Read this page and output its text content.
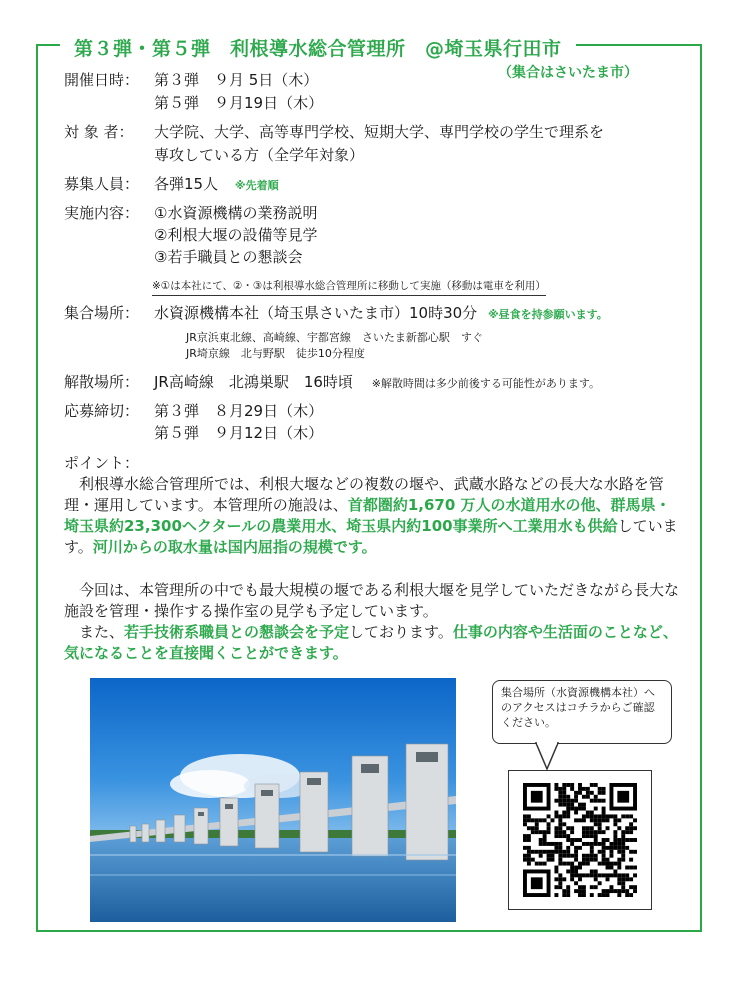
第３弾・第５弾　利根導水総合管理所　@埼玉県行田市
（集合はさいたま市）
開催日時： 第３弾　９月 5日（木）
第５弾　９月19日（木）
対 象 者： 大学院、大学、高等専門学校、短期大学、専門学校の学生で理系を
専攻している方（全学年対象）
募集人員： 各弾15人 ※先着順
実施内容： ①水資源機構の業務説明
②利根大堰の設備等見学
③若手職員との懇談会
※①は本社にて、②・③は利根導水総合管理所に移動して実施（移動は電車を利用）
集合場所： 水資源機構本社（埼玉県さいたま市）10時30分 ※昼食を持参願います。
JR京浜東北線、高崎線、宇都宮線　さいたま新都心駅　すぐ
JR埼京線　北与野駅　徒歩10分程度
解散場所： JR高崎線　北鴻巣駅　16時頃 ※解散時間は多少前後する可能性があります。
応募締切： 第３弾　８月29日（木）
第５弾　９月12日（木）
ポイント：
利根導水総合管理所では、利根大堰などの複数の堰や、武蔵水路などの長大な水路を管理・運用しています。本管理所の施設は、首都圏約1,670 万人の水道用水の他、群馬県・埼玉県約23,300ヘクタールの農業用水、埼玉県内約100事業所へ工業用水も供給しています。河川からの取水量は国内屈指の規模です。
今回は、本管理所の中でも最大規模の堰である利根大堰を見学していただきながら長大な施設を管理・操作する操作室の見学も予定しています。
また、若手技術系職員との懇談会を予定しております。仕事の内容や生活面のことなど、気になることを直接聞くことができます。
集合場所（水資源機構本社）へのアクセスはコチラからご確認ください。
